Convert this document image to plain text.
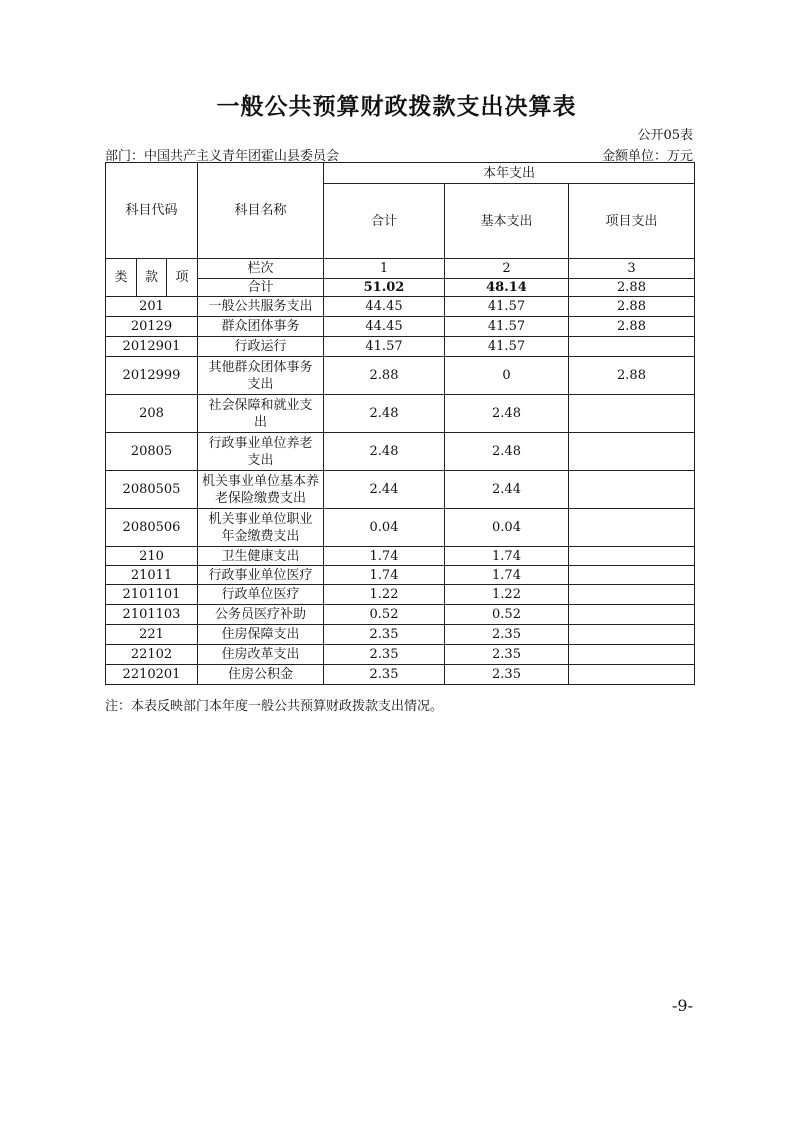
一般公共预算财政拨款支出决算表
公开05表
部门：中国共产主义青年团霍山县委员会	金额单位：万元
科目代码			科目名称	本年支出		
				合计	基本支出	项目支出
类	款	项	栏次	1	2	3
			合计	51.02	48.14	2.88
201			一般公共服务支出	44.45	41.57	2.88
20129			群众团体事务	44.45	41.57	2.88
2012901			行政运行	41.57	41.57	
2012999			其他群众团体事务支出	2.88	0	2.88
208			社会保障和就业支出	2.48	2.48	
20805			行政事业单位养老支出	2.48	2.48	
2080505			机关事业单位基本养老保险缴费支出	2.44	2.44	
2080506			机关事业单位职业年金缴费支出	0.04	0.04	
210			卫生健康支出	1.74	1.74	
21011			行政事业单位医疗	1.74	1.74	
2101101			行政单位医疗	1.22	1.22	
2101103			公务员医疗补助	0.52	0.52	
221			住房保障支出	2.35	2.35	
22102			住房改革支出	2.35	2.35	
2210201			住房公积金	2.35	2.35	
注：本表反映部门本年度一般公共预算财政拨款支出情况。
-9-
